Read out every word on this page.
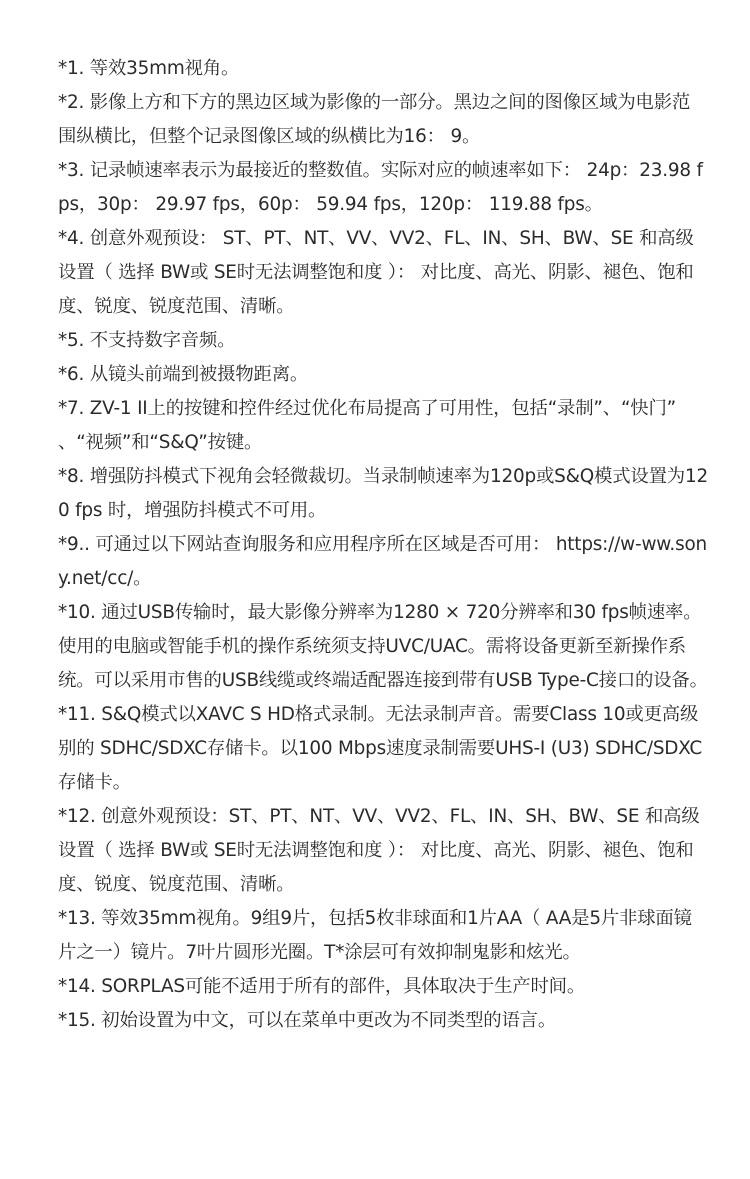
*1. 等效35mm视角。
*2. 影像上方和下方的黑边区域为影像的一部分。黑边之间的图像区域为电影范围纵横比，但整个记录图像区域的纵横比为16： 9。
*3. 记录帧速率表示为最接近的整数值。实际对应的帧速率如下： 24p：23.98 fps，30p： 29.97 fps，60p： 59.94 fps，120p： 119.88 fps。
*4. 创意外观预设： ST、PT、NT、VV、VV2、FL、IN、SH、BW、SE 和高级设置（ 选择 BW或 SE时无法调整饱和度 ）： 对比度、高光、阴影、褪色、饱和度、锐度、锐度范围、清晰。
*5. 不支持数字音频。
*6. 从镜头前端到被摄物距离。
*7. ZV-1 II上的按键和控件经过优化布局提高了可用性，包括“录制”、“快门” 、“视频”和“S&Q”按键。
*8. 增强防抖模式下视角会轻微裁切。当录制帧速率为120p或S&Q模式设置为120 fps 时，增强防抖模式不可用。
*9.. 可通过以下网站查询服务和应用程序所在区域是否可用： https://w-ww.sony.net/cc/。
*10. 通过USB传输时，最大影像分辨率为1280 × 720分辨率和30 fps帧速率。使用的电脑或智能手机的操作系统须支持UVC/UAC。需将设备更新至新操作系统。可以采用市售的USB线缆或终端适配器连接到带有USB Type-C接口的设备。
*11. S&Q模式以XAVC S HD格式录制。无法录制声音。需要Class 10或更高级别的 SDHC/SDXC存储卡。以100 Mbps速度录制需要UHS-I (U3) SDHC/SDXC存储卡。
*12. 创意外观预设：ST、PT、NT、VV、VV2、FL、IN、SH、BW、SE 和高级设置（ 选择 BW或 SE时无法调整饱和度 ）： 对比度、高光、阴影、褪色、饱和度、锐度、锐度范围、清晰。
*13. 等效35mm视角。9组9片，包括5枚非球面和1片AA（ AA是5片非球面镜片之一）镜片。7叶片圆形光圈。T*涂层可有效抑制鬼影和炫光。
*14. SORPLAS可能不适用于所有的部件，具体取决于生产时间。
*15. 初始设置为中文，可以在菜单中更改为不同类型的语言。
